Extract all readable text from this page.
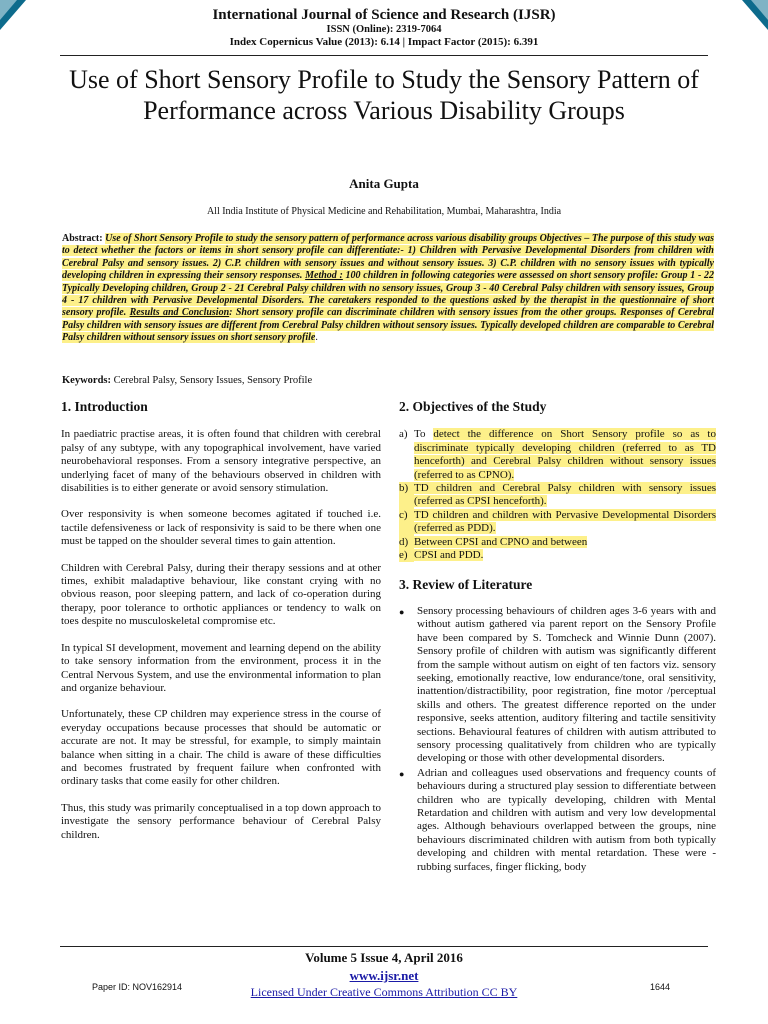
International Journal of Science and Research (IJSR)
ISSN (Online): 2319-7064
Index Copernicus Value (2013): 6.14 | Impact Factor (2015): 6.391
Use of Short Sensory Profile to Study the Sensory Pattern of Performance across Various Disability Groups
Anita Gupta
All India Institute of Physical Medicine and Rehabilitation, Mumbai, Maharashtra, India
Abstract: Use of Short Sensory Profile to study the sensory pattern of performance across various disability groups Objectives – The purpose of this study was to detect whether the factors or items in short sensory profile can differentiate:- 1) Children with Pervasive Developmental Disorders from children with Cerebral Palsy and sensory issues. 2) C.P. children with sensory issues and without sensory issues. 3) C.P. children with no sensory issues with typically developing children in expressing their sensory responses. Method : 100 children in following categories were assessed on short sensory profile: Group 1 - 22 Typically Developing children, Group 2 - 21 Cerebral Palsy children with no sensory issues, Group 3 - 40 Cerebral Palsy children with sensory issues, Group 4 - 17 children with Pervasive Developmental Disorders. The caretakers responded to the questions asked by the therapist in the questionnaire of short sensory profile. Results and Conclusion: Short sensory profile can discriminate children with sensory issues from the other groups. Responses of Cerebral Palsy children with sensory issues are different from Cerebral Palsy children without sensory issues. Typically developed children are comparable to Cerebral Palsy children without sensory issues on short sensory profile.
Keywords: Cerebral Palsy, Sensory Issues, Sensory Profile
1. Introduction

In paediatric practise areas, it is often found that children with cerebral palsy of any subtype, with any topographical involvement, have varied neurobehavioral responses. From a sensory integrative perspective, an underlying facet of many of the behaviours observed in children with disabilities is to either generate or avoid sensory stimulation.

Over responsivity is when someone becomes agitated if touched i.e. tactile defensiveness or lack of responsivity is said to be there when one must be tapped on the shoulder several times to gain attention.

Children with Cerebral Palsy, during their therapy sessions and at other times, exhibit maladaptive behaviour, like constant crying with no obvious reason, poor sleeping pattern, and lack of co-operation during therapy, poor tolerance to orthotic appliances or tendency to walk on toes despite no musculoskeletal compromise etc.

In typical SI development, movement and learning depend on the ability to take sensory information from the environment, process it in the Central Nervous System, and use the environmental information to plan and organize behaviour.

Unfortunately, these CP children may experience stress in the course of everyday occupations because processes that should be automatic or accurate are not. It may be stressful, for example, to simply maintain balance when sitting in a chair. The child is aware of these difficulties and becomes frustrated by frequent failure when confronted with ordinary tasks that come easily for other children.

Thus, this study was primarily conceptualised in a top down approach to investigate the sensory performance behaviour of Cerebral Palsy children.

2. Objectives of the Study
a) To detect the difference on Short Sensory profile so as to discriminate typically developing children (referred to as TD henceforth) and Cerebral Palsy children without sensory issues (referred to as CPNO).
b) TD children and Cerebral Palsy children with sensory issues (referred as CPSI henceforth).
c) TD children and children with Pervasive Developmental Disorders (referred as PDD).
d) Between CPSI and CPNO and between
e) CPSI and PDD.
3. Review of Literature
●	Sensory processing behaviours of children ages 3-6 years with and without autism gathered via parent report on the Sensory Profile have been compared by S. Tomcheck and Winnie Dunn (2007). Sensory profile of children with autism was significantly different from the sample without autism on eight of ten factors viz. sensory seeking, emotionally reactive, low endurance/tone, oral sensitivity, inattention/distractibility, poor registration, fine motor /perceptual skills and others. The greatest difference reported on the under responsive, seeks attention, auditory filtering and tactile sensitivity sections. Behavioural features of children with autism attributed to sensory processing qualitatively from children who are typically developing or those with other developmental disorders.
●	Adrian and colleagues used observations and frequency counts of behaviours during a structured play session to differentiate between children who are typically developing, children with Mental Retardation and children with autism and very low developmental ages. Although behaviours overlapped between the groups, nine behaviours discriminated children with autism from both typically developing and children with mental retardation. These were - rubbing surfaces, finger flicking, body
Volume 5 Issue 4, April 2016
www.ijsr.net
Licensed Under Creative Commons Attribution CC BY
Paper ID: NOV162914	1644
